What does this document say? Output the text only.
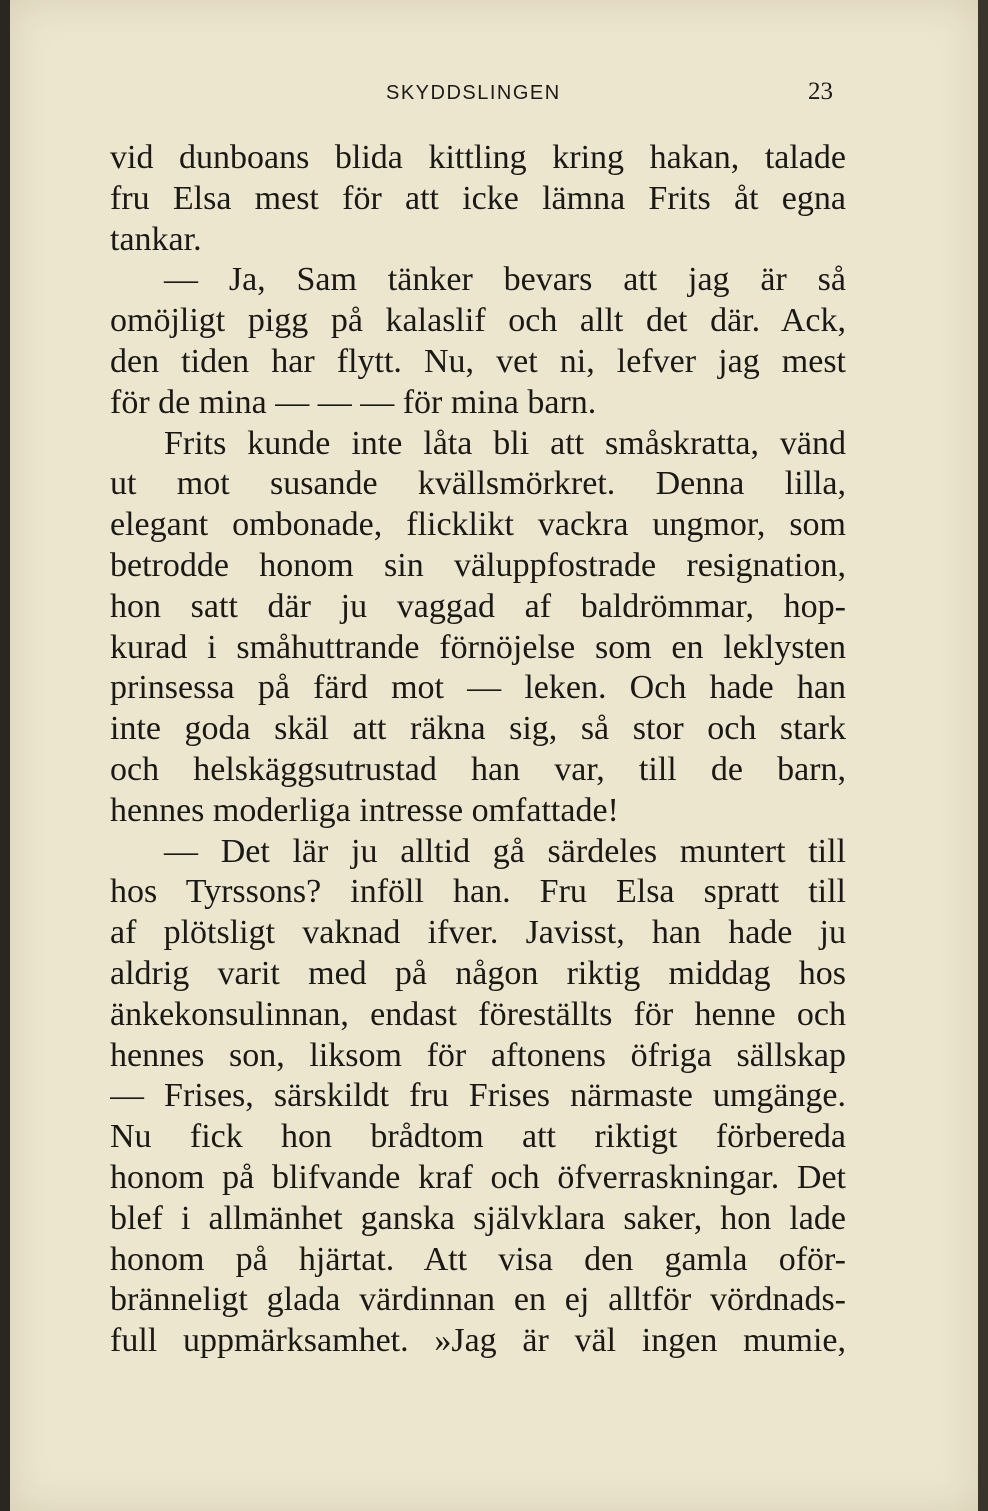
SKYDDSLINGEN	23
vid dunboans blida kittling kring hakan, talade
fru Elsa mest för att icke lämna Frits åt egna
tankar.
— Ja, Sam tänker bevars att jag är så
omöjligt pigg på kalaslif och allt det där. Ack,
den tiden har flytt. Nu, vet ni, lefver jag mest
för de mina — — — för mina barn.
Frits kunde inte låta bli att småskratta, vänd
ut mot susande kvällsmörkret. Denna lilla,
elegant ombonade, flicklikt vackra ungmor, som
betrodde honom sin väluppfostrade resignation,
hon satt där ju vaggad af baldrömmar, hop-
kurad i småhuttrande förnöjelse som en leklysten
prinsessa på färd mot — leken. Och hade han
inte goda skäl att räkna sig, så stor och stark
och helskäggsutrustad han var, till de barn,
hennes moderliga intresse omfattade!
— Det lär ju alltid gå särdeles muntert till
hos Tyrssons? inföll han. Fru Elsa spratt till
af plötsligt vaknad ifver. Javisst, han hade ju
aldrig varit med på någon riktig middag hos
änkekonsulinnan, endast föreställts för henne och
hennes son, liksom för aftonens öfriga sällskap
— Frises, särskildt fru Frises närmaste umgänge.
Nu fick hon brådtom att riktigt förbereda
honom på blifvande kraf och öfverraskningar. Det
blef i allmänhet ganska självklara saker, hon lade
honom på hjärtat. Att visa den gamla oför-
bränneligt glada värdinnan en ej alltför vördnads-
full uppmärksamhet. »Jag är väl ingen mumie,
